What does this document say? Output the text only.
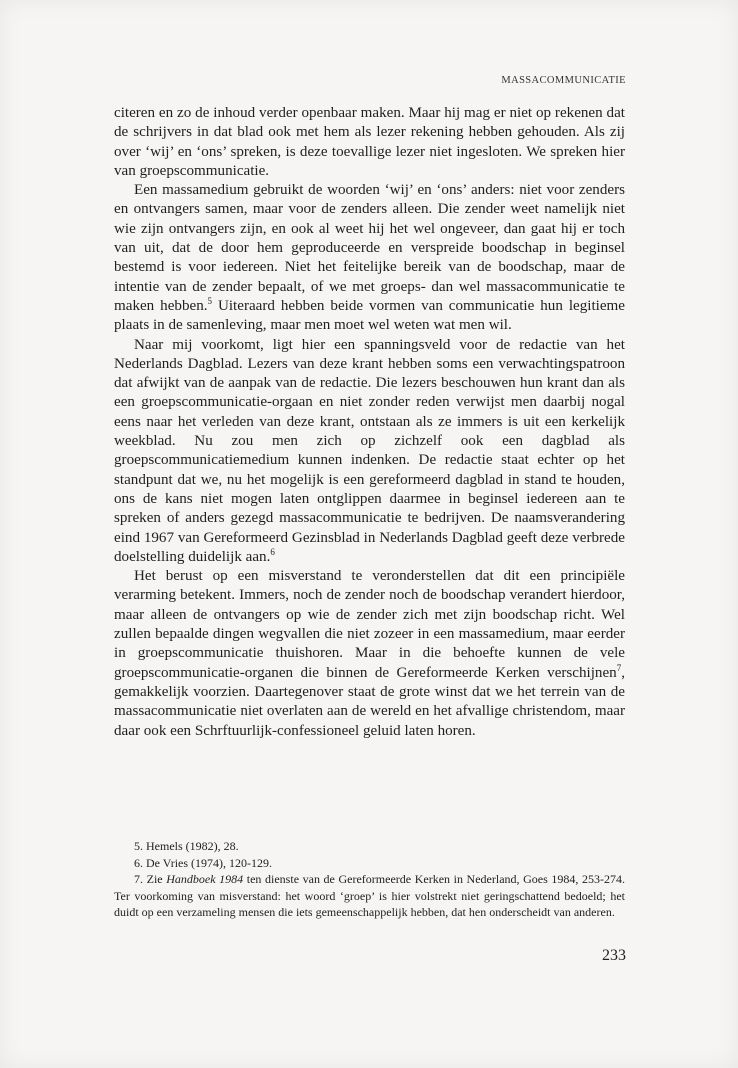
MASSACOMMUNICATIE

citeren en zo de inhoud verder openbaar maken. Maar hij mag er niet op rekenen dat de schrijvers in dat blad ook met hem als lezer rekening hebben gehouden. Als zij over ‘wij’ en ‘ons’ spreken, is deze toevallige lezer niet ingesloten. We spreken hier van groepscommunicatie.

Een massamedium gebruikt de woorden ‘wij’ en ‘ons’ anders: niet voor zenders en ontvangers samen, maar voor de zenders alleen. Die zender weet namelijk niet wie zijn ontvangers zijn, en ook al weet hij het wel ongeveer, dan gaat hij er toch van uit, dat de door hem geproduceerde en verspreide boodschap in beginsel bestemd is voor iedereen. Niet het feitelijke bereik van de boodschap, maar de intentie van de zender bepaalt, of we met groeps- dan wel massacommunicatie te maken hebben.$^5$ Uiteraard hebben beide vormen van communicatie hun legitieme plaats in de samenleving, maar men moet wel weten wat men wil.

Naar mij voorkomt, ligt hier een spanningsveld voor de redactie van het Nederlands Dagblad. Lezers van deze krant hebben soms een verwachtingspatroon dat afwijkt van de aanpak van de redactie. Die lezers beschouwen hun krant dan als een groepscommunicatie-orgaan en niet zonder reden verwijst men daarbij nogal eens naar het verleden van deze krant, ontstaan als ze immers is uit een kerkelijk weekblad. Nu zou men zich op zichzelf ook een dagblad als groepscommunicatiemedium kunnen indenken. De redactie staat echter op het standpunt dat we, nu het mogelijk is een gereformeerd dagblad in stand te houden, ons de kans niet mogen laten ontglippen daarmee in beginsel iedereen aan te spreken of anders gezegd massacommunicatie te bedrijven. De naamsverandering eind 1967 van Gereformeerd Gezinsblad in Nederlands Dagblad geeft deze verbrede doelstelling duidelijk aan.$^6$

Het berust op een misverstand te veronderstellen dat dit een principiële verarming betekent. Immers, noch de zender noch de boodschap verandert hierdoor, maar alleen de ontvangers op wie de zender zich met zijn boodschap richt. Wel zullen bepaalde dingen wegvallen die niet zozeer in een massamedium, maar eerder in groepscommunicatie thuishoren. Maar in die behoefte kunnen de vele groepscommunicatie-organen die binnen de Gereformeerde Kerken verschijnen$^7$, gemakkelijk voorzien. Daartegenover staat de grote winst dat we het terrein van de massacommunicatie niet overlaten aan de wereld en het afvallige christendom, maar daar ook een Schrftuurlijk-confessioneel geluid laten horen.

5. Hemels (1982), 28.

6. De Vries (1974), 120-129.

7. Zie Handboek 1984 ten dienste van de Gereformeerde Kerken in Nederland, Goes 1984, 253-274. Ter voorkoming van misverstand: het woord ‘groep’ is hier volstrekt niet geringschattend bedoeld; het duidt op een verzameling mensen die iets gemeenschappelijk hebben, dat hen onderscheidt van anderen.

233
